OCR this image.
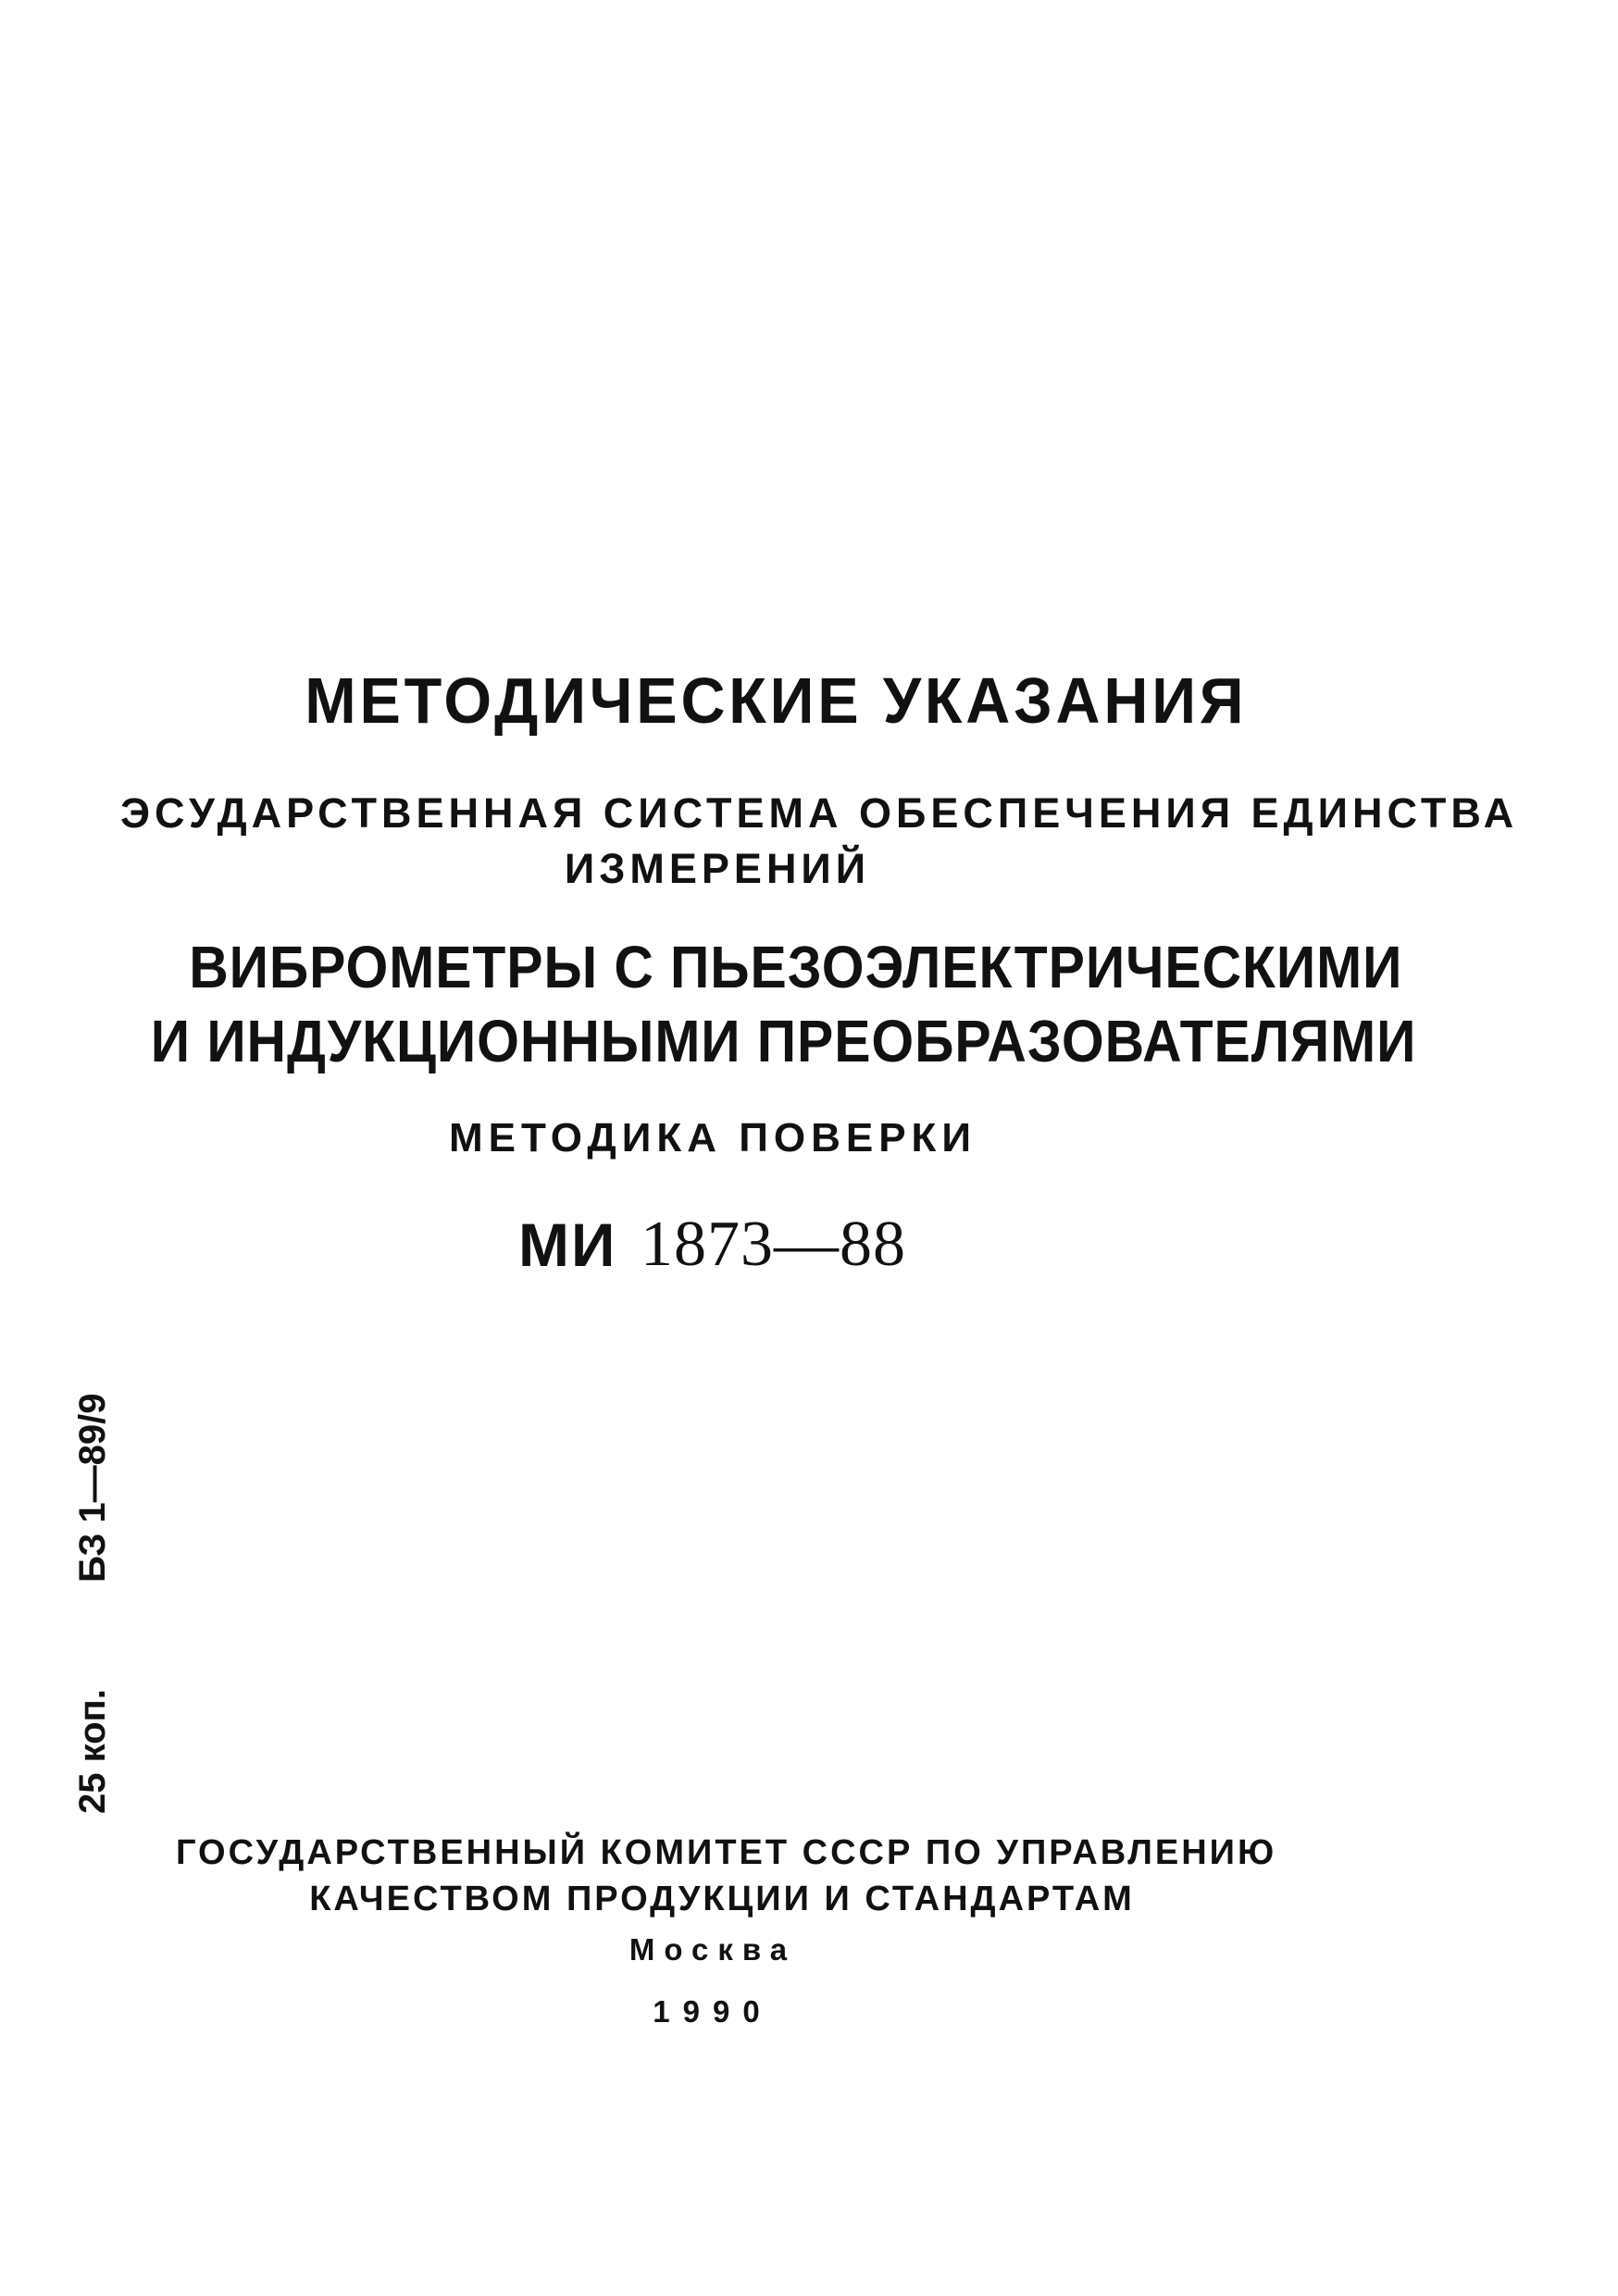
МЕТОДИЧЕСКИЕ УКАЗАНИЯ
ЭСУДАРСТВЕННАЯ СИСТЕМА ОБЕСПЕЧЕНИЯ ЕДИНСТВА
ИЗМЕРЕНИЙ
ВИБРОМЕТРЫ С ПЬЕЗОЭЛЕКТРИЧЕСКИМИ
И ИНДУКЦИОННЫМИ ПРЕОБРАЗОВАТЕЛЯМИ
МЕТОДИКА ПОВЕРКИ
МИ 1873—88
25 коп.
БЗ 1—89/9
ГОСУДАРСТВЕННЫЙ КОМИТЕТ СССР ПО УПРАВЛЕНИЮ
КАЧЕСТВОМ ПРОДУКЦИИ И СТАНДАРТАМ
Москва
1990
